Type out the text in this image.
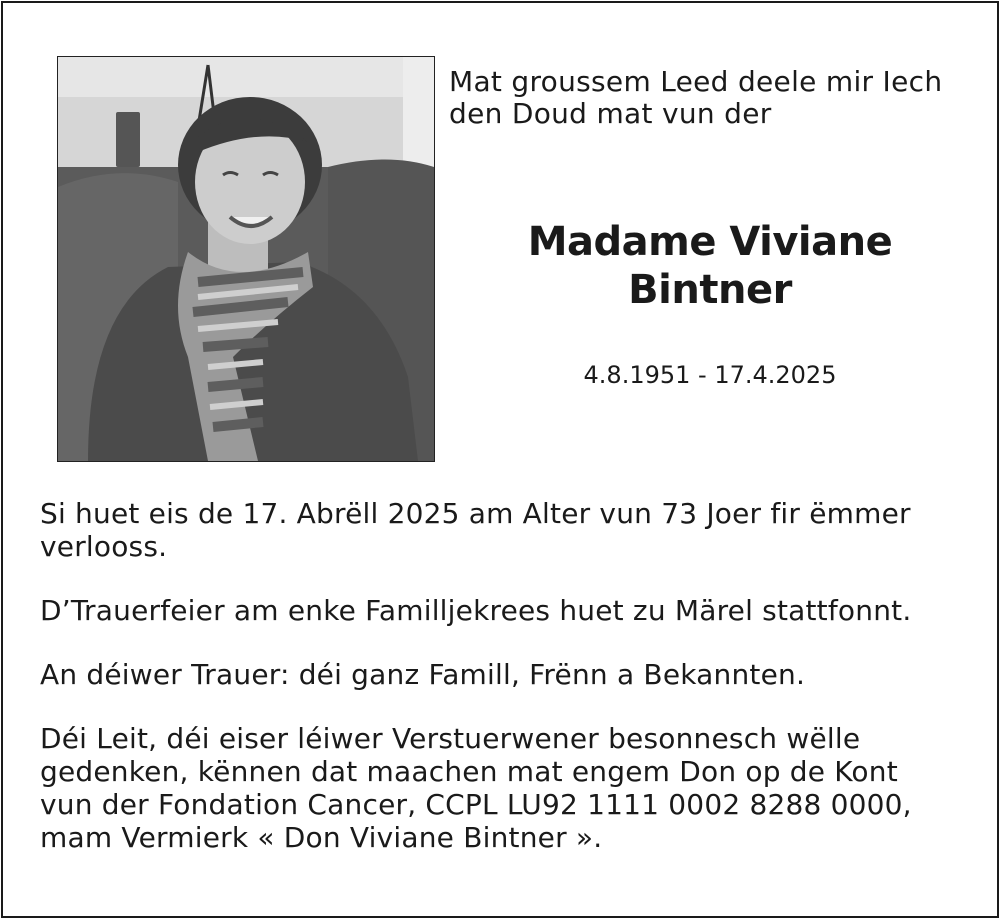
Mat groussem Leed deele mir Iech
den Doud mat vun der
Madame Viviane
Bintner
4.8.1951 - 17.4.2025

Si huet eis de 17. Abrëll 2025 am Alter vun 73 Joer fir ëmmer
verlooss.

D’Trauerfeier am enke Familljekrees huet zu Märel stattfonnt.

An déiwer Trauer: déi ganz Famill, Frënn a Bekannten.

Déi Leit, déi eiser léiwer Verstuerwener besonnesch wëlle
gedenken, kënnen dat maachen mat engem Don op de Kont
vun der Fondation Cancer, CCPL LU92 1111 0002 8288 0000,
mam Vermierk « Don Viviane Bintner ».
